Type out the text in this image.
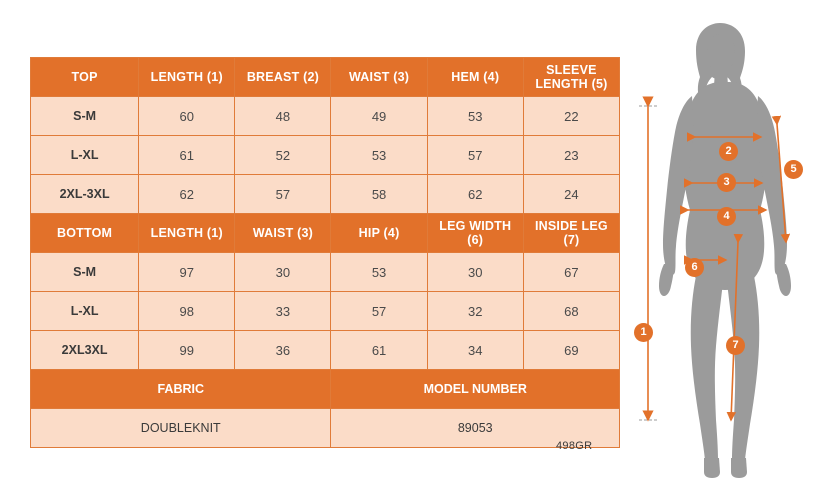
TOP	LENGTH (1)	BREAST (2)	WAIST (3)	HEM (4)	SLEEVE LENGTH (5)
S-M	60	48	49	53	22
L-XL	61	52	53	57	23
2XL-3XL	62	57	58	62	24
BOTTOM	LENGTH (1)	WAIST (3)	HIP (4)	LEG WIDTH (6)	INSIDE LEG (7)
S-M	97	30	53	30	67
L-XL	98	33	57	32	68
2XL3XL	99	36	61	34	69
FABRIC			MODEL NUMBER		
DOUBLEKNIT			89053		
498GR
1
2
3
4
5
6
7
